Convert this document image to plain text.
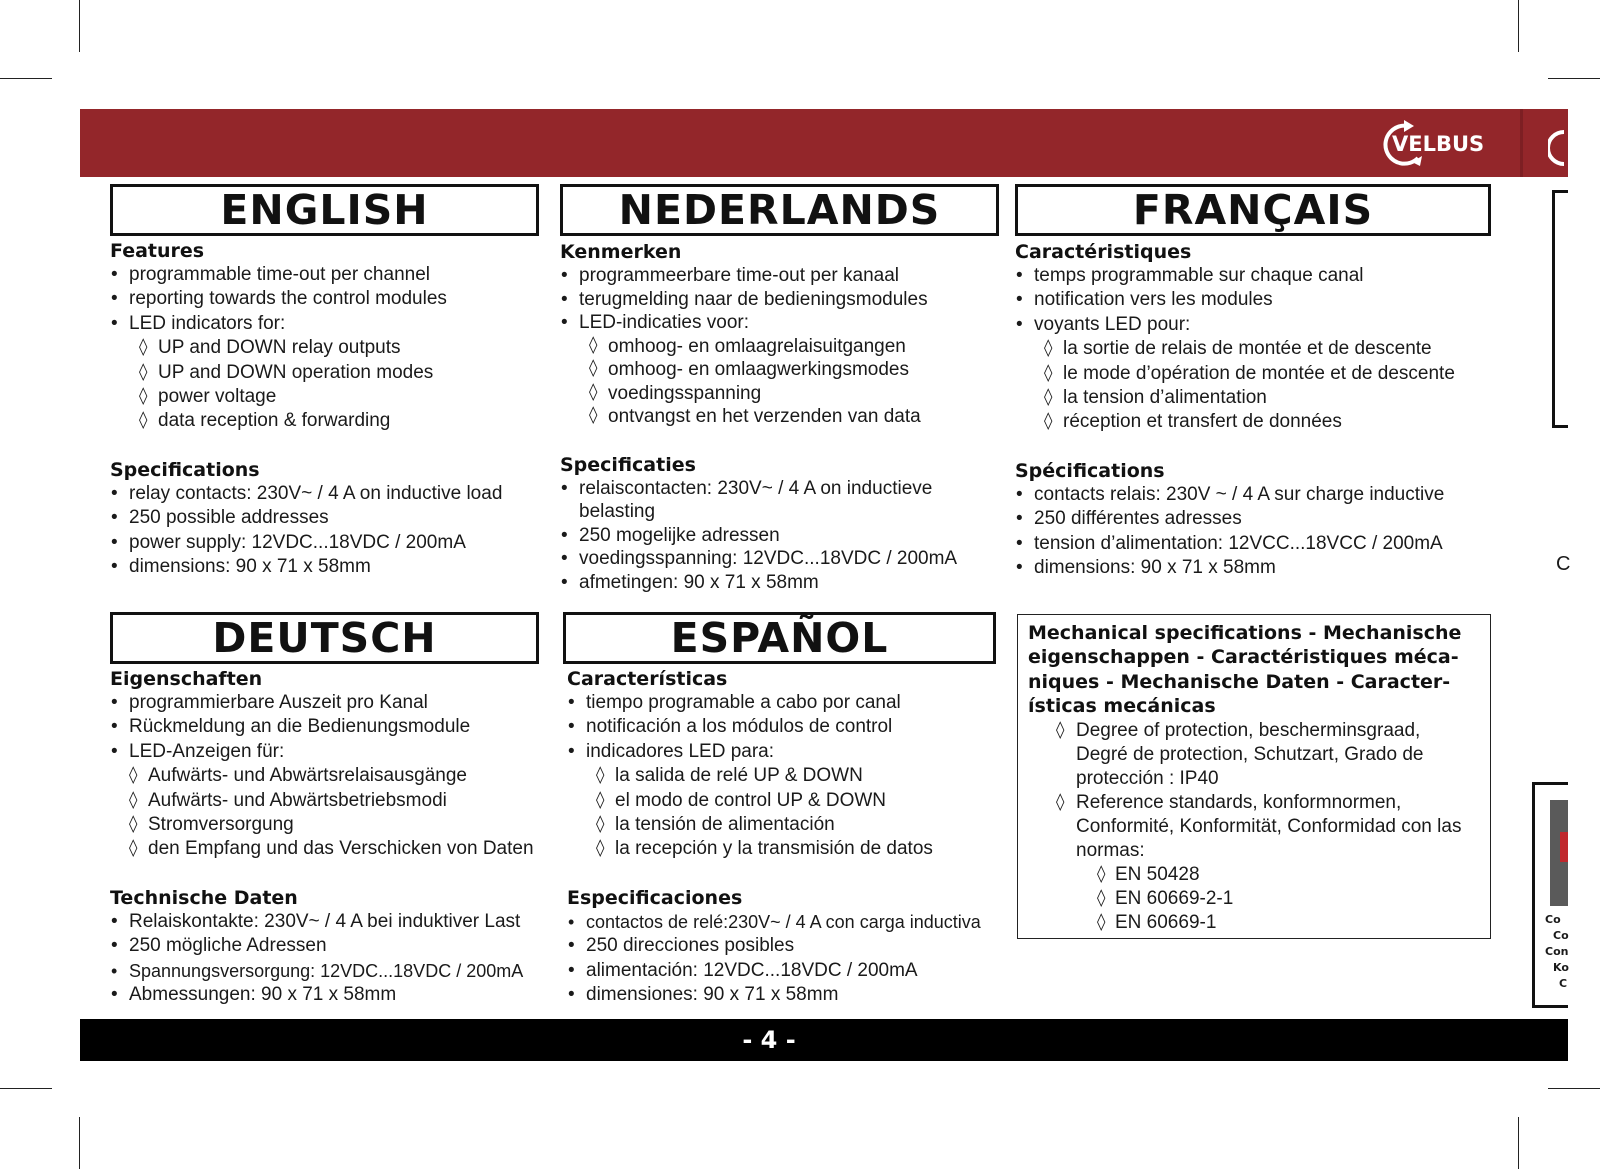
VELBUS
ENGLISH
Features
• programmable time-out per channel
• reporting towards the control modules
• LED indicators for:
◊ UP and DOWN relay outputs
◊ UP and DOWN operation modes
◊ power voltage
◊ data reception & forwarding
Specifications
• relay contacts: 230V~ / 4 A on inductive load
• 250 possible addresses
• power supply: 12VDC...18VDC / 200mA
• dimensions: 90 x 71 x 58mm
NEDERLANDS
Kenmerken
• programmeerbare time-out per kanaal
• terugmelding naar de bedieningsmodules
• LED-indicaties voor:
◊ omhoog- en omlaagrelaisuitgangen
◊ omhoog- en omlaagwerkingsmodes
◊ voedingsspanning
◊ ontvangst en het verzenden van data
Specificaties
• relaiscontacten: 230V~ / 4 A on inductieve belasting
• 250 mogelijke adressen
• voedingsspanning: 12VDC...18VDC / 200mA
• afmetingen: 90 x 71 x 58mm
FRANÇAIS
Caractéristiques
• temps programmable sur chaque canal
• notification vers les modules
• voyants LED pour:
◊ la sortie de relais de montée et de descente
◊ le mode d’opération de montée et de descente
◊ la tension d’alimentation
◊ réception et transfert de données
Spécifications
• contacts relais: 230V ~ / 4 A sur charge inductive
• 250 différentes adresses
• tension d’alimentation: 12VCC...18VCC / 200mA
• dimensions: 90 x 71 x 58mm
DEUTSCH
Eigenschaften
• programmierbare Auszeit pro Kanal
• Rückmeldung an die Bedienungsmodule
• LED-Anzeigen für:
◊ Aufwärts- und Abwärtsrelaisausgänge
◊ Aufwärts- und Abwärtsbetriebsmodi
◊ Stromversorgung
◊ den Empfang und das Verschicken von Daten
Technische Daten
• Relaiskontakte: 230V~ / 4 A bei induktiver Last
• 250 mögliche Adressen
• Spannungsversorgung: 12VDC...18VDC / 200mA
• Abmessungen: 90 x 71 x 58mm
ESPAÑOL
Características
• tiempo programable a cabo por canal
• notificación a los módulos de control
• indicadores LED para:
◊ la salida de relé UP & DOWN
◊ el modo de control UP & DOWN
◊ la tensión de alimentación
◊ la recepción y la transmisión de datos
Especificaciones
• contactos de relé:230V~ / 4 A con carga inductiva
• 250 direcciones posibles
• alimentación: 12VDC...18VDC / 200mA
• dimensiones: 90 x 71 x 58mm
Mechanical specifications - Mechanische
eigenschappen - Caractéristiques méca-
niques - Mechanische Daten - Caracter-
ísticas mecánicas
◊ Degree of protection, bescherminsgraad,
Degré de protection, Schutzart, Grado de
protección : IP40
◊ Reference standards, konformnormen,
Conformité, Konformität, Conformidad con las
normas:
◊ EN 50428
◊ EN 60669-2-1
◊ EN 60669-1
C
Co
Co
Con
Ko
C
- 4 -
